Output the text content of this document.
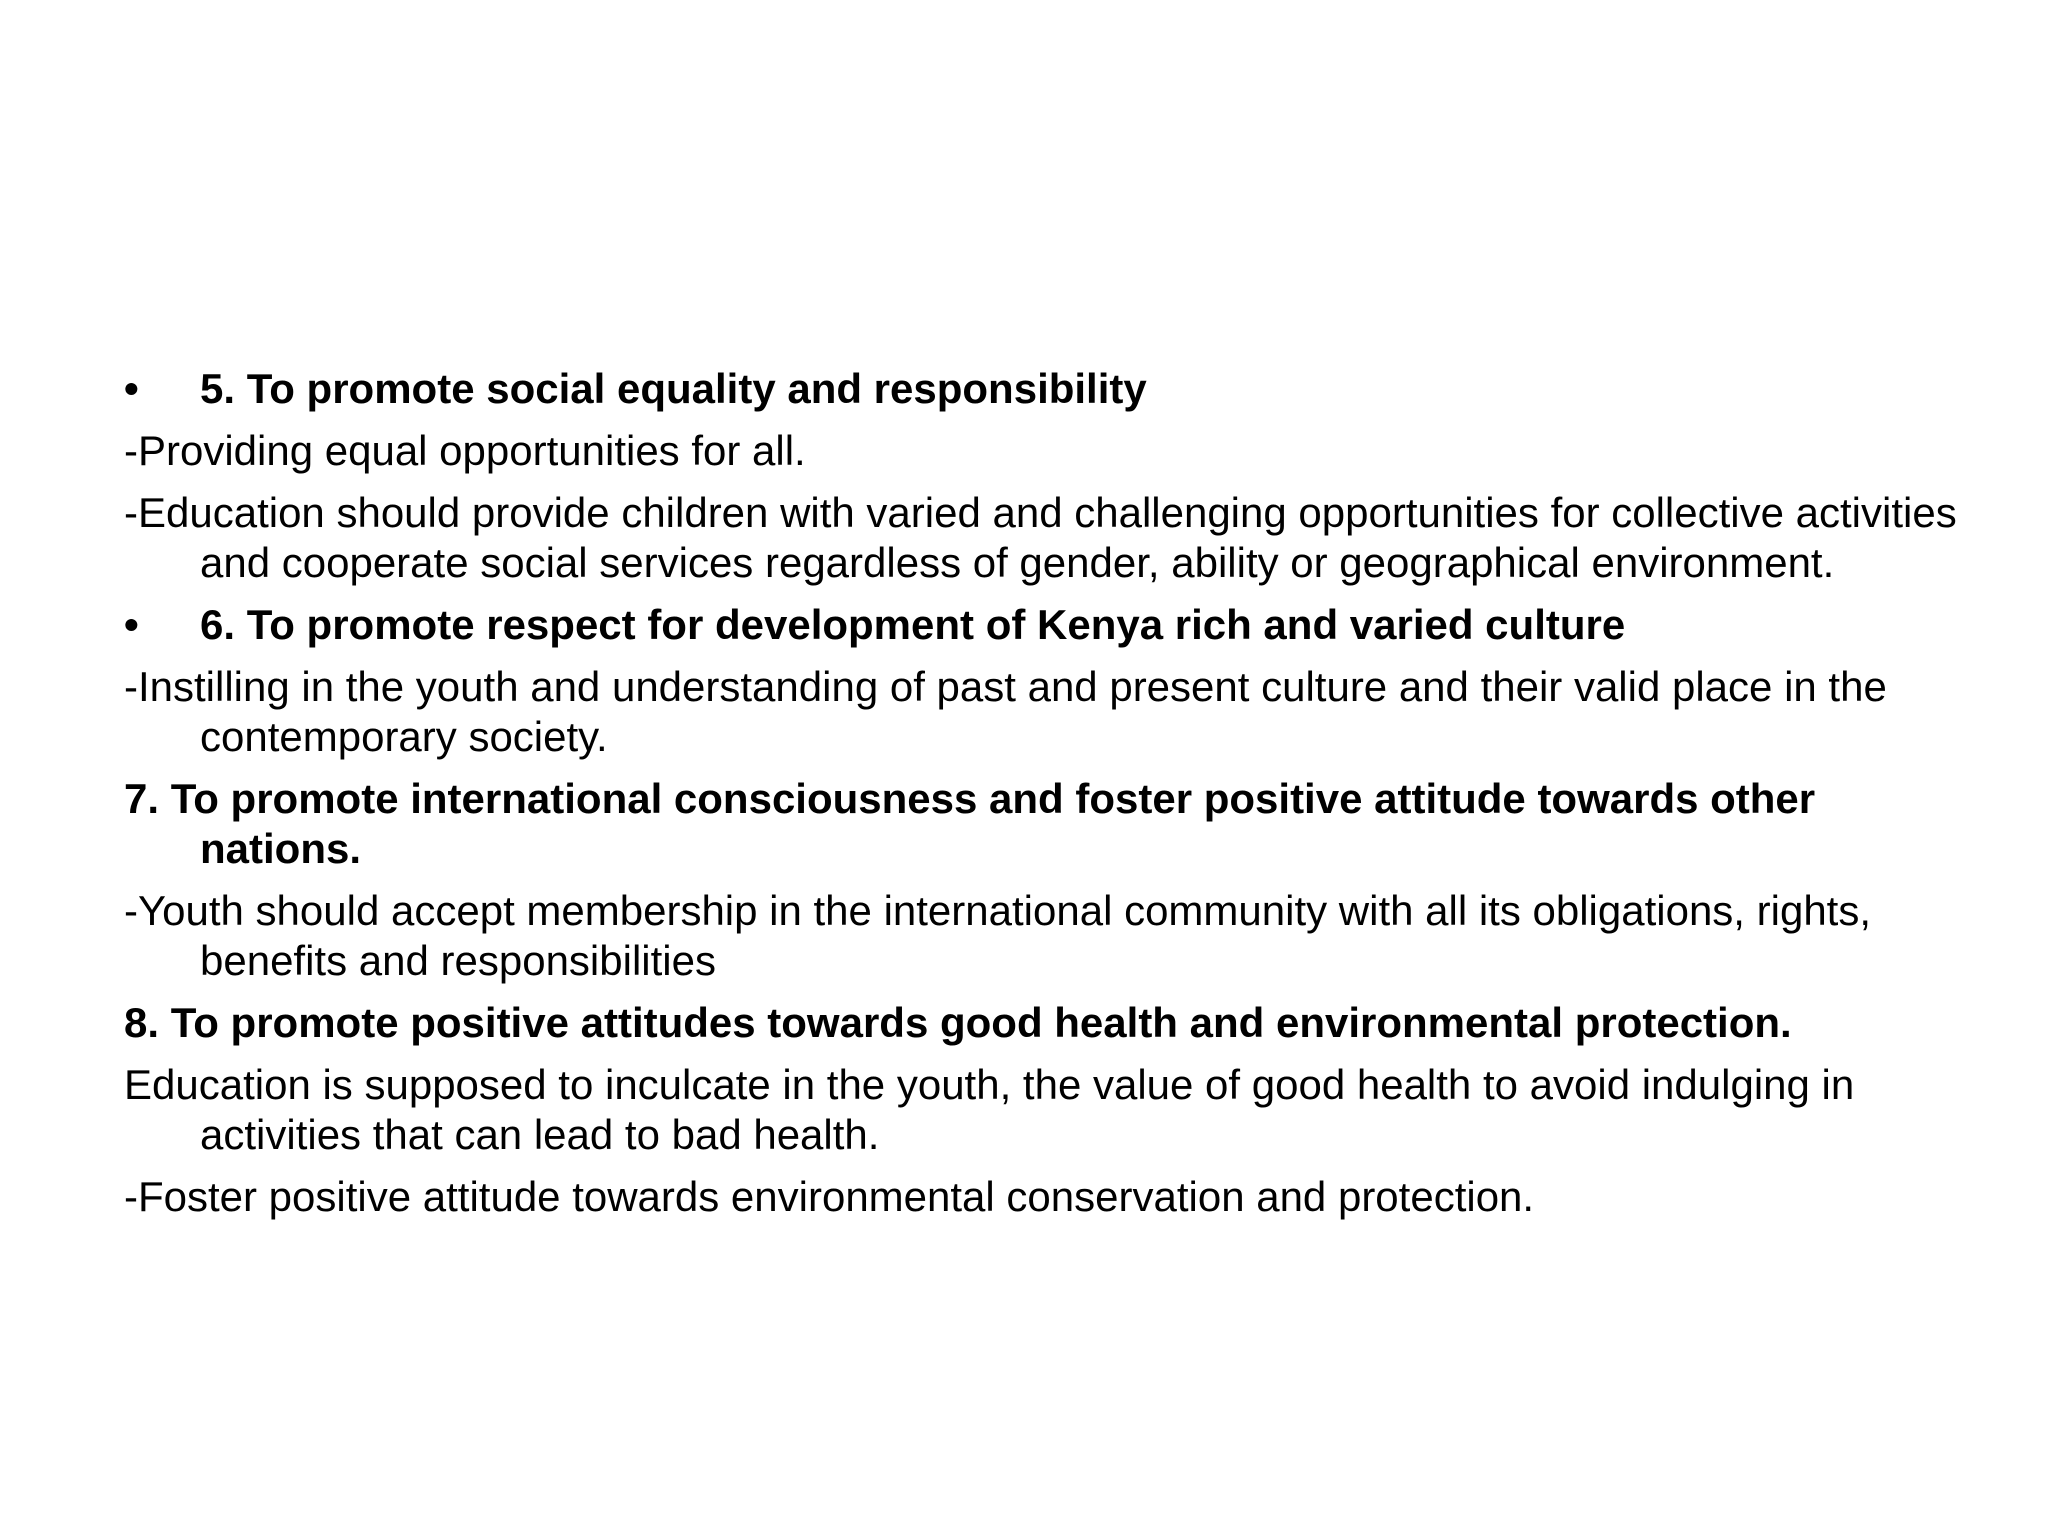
• 5. To promote social equality and responsibility

-Providing equal opportunities for all.

-Education should provide children with varied and challenging opportunities for collective activities and cooperate social services regardless of gender, ability or geographical environment.

• 6. To promote respect for development of Kenya rich and varied culture

-Instilling in the youth and understanding of past and present culture and their valid place in the contemporary society.

7. To promote international consciousness and foster positive attitude towards other nations.

-Youth should accept membership in the international community with all its obligations, rights, benefits and responsibilities

8. To promote positive attitudes towards good health and environmental protection.

Education is supposed to inculcate in the youth, the value of good health to avoid indulging in activities that can lead to bad health.

-Foster positive attitude towards environmental conservation and protection.
